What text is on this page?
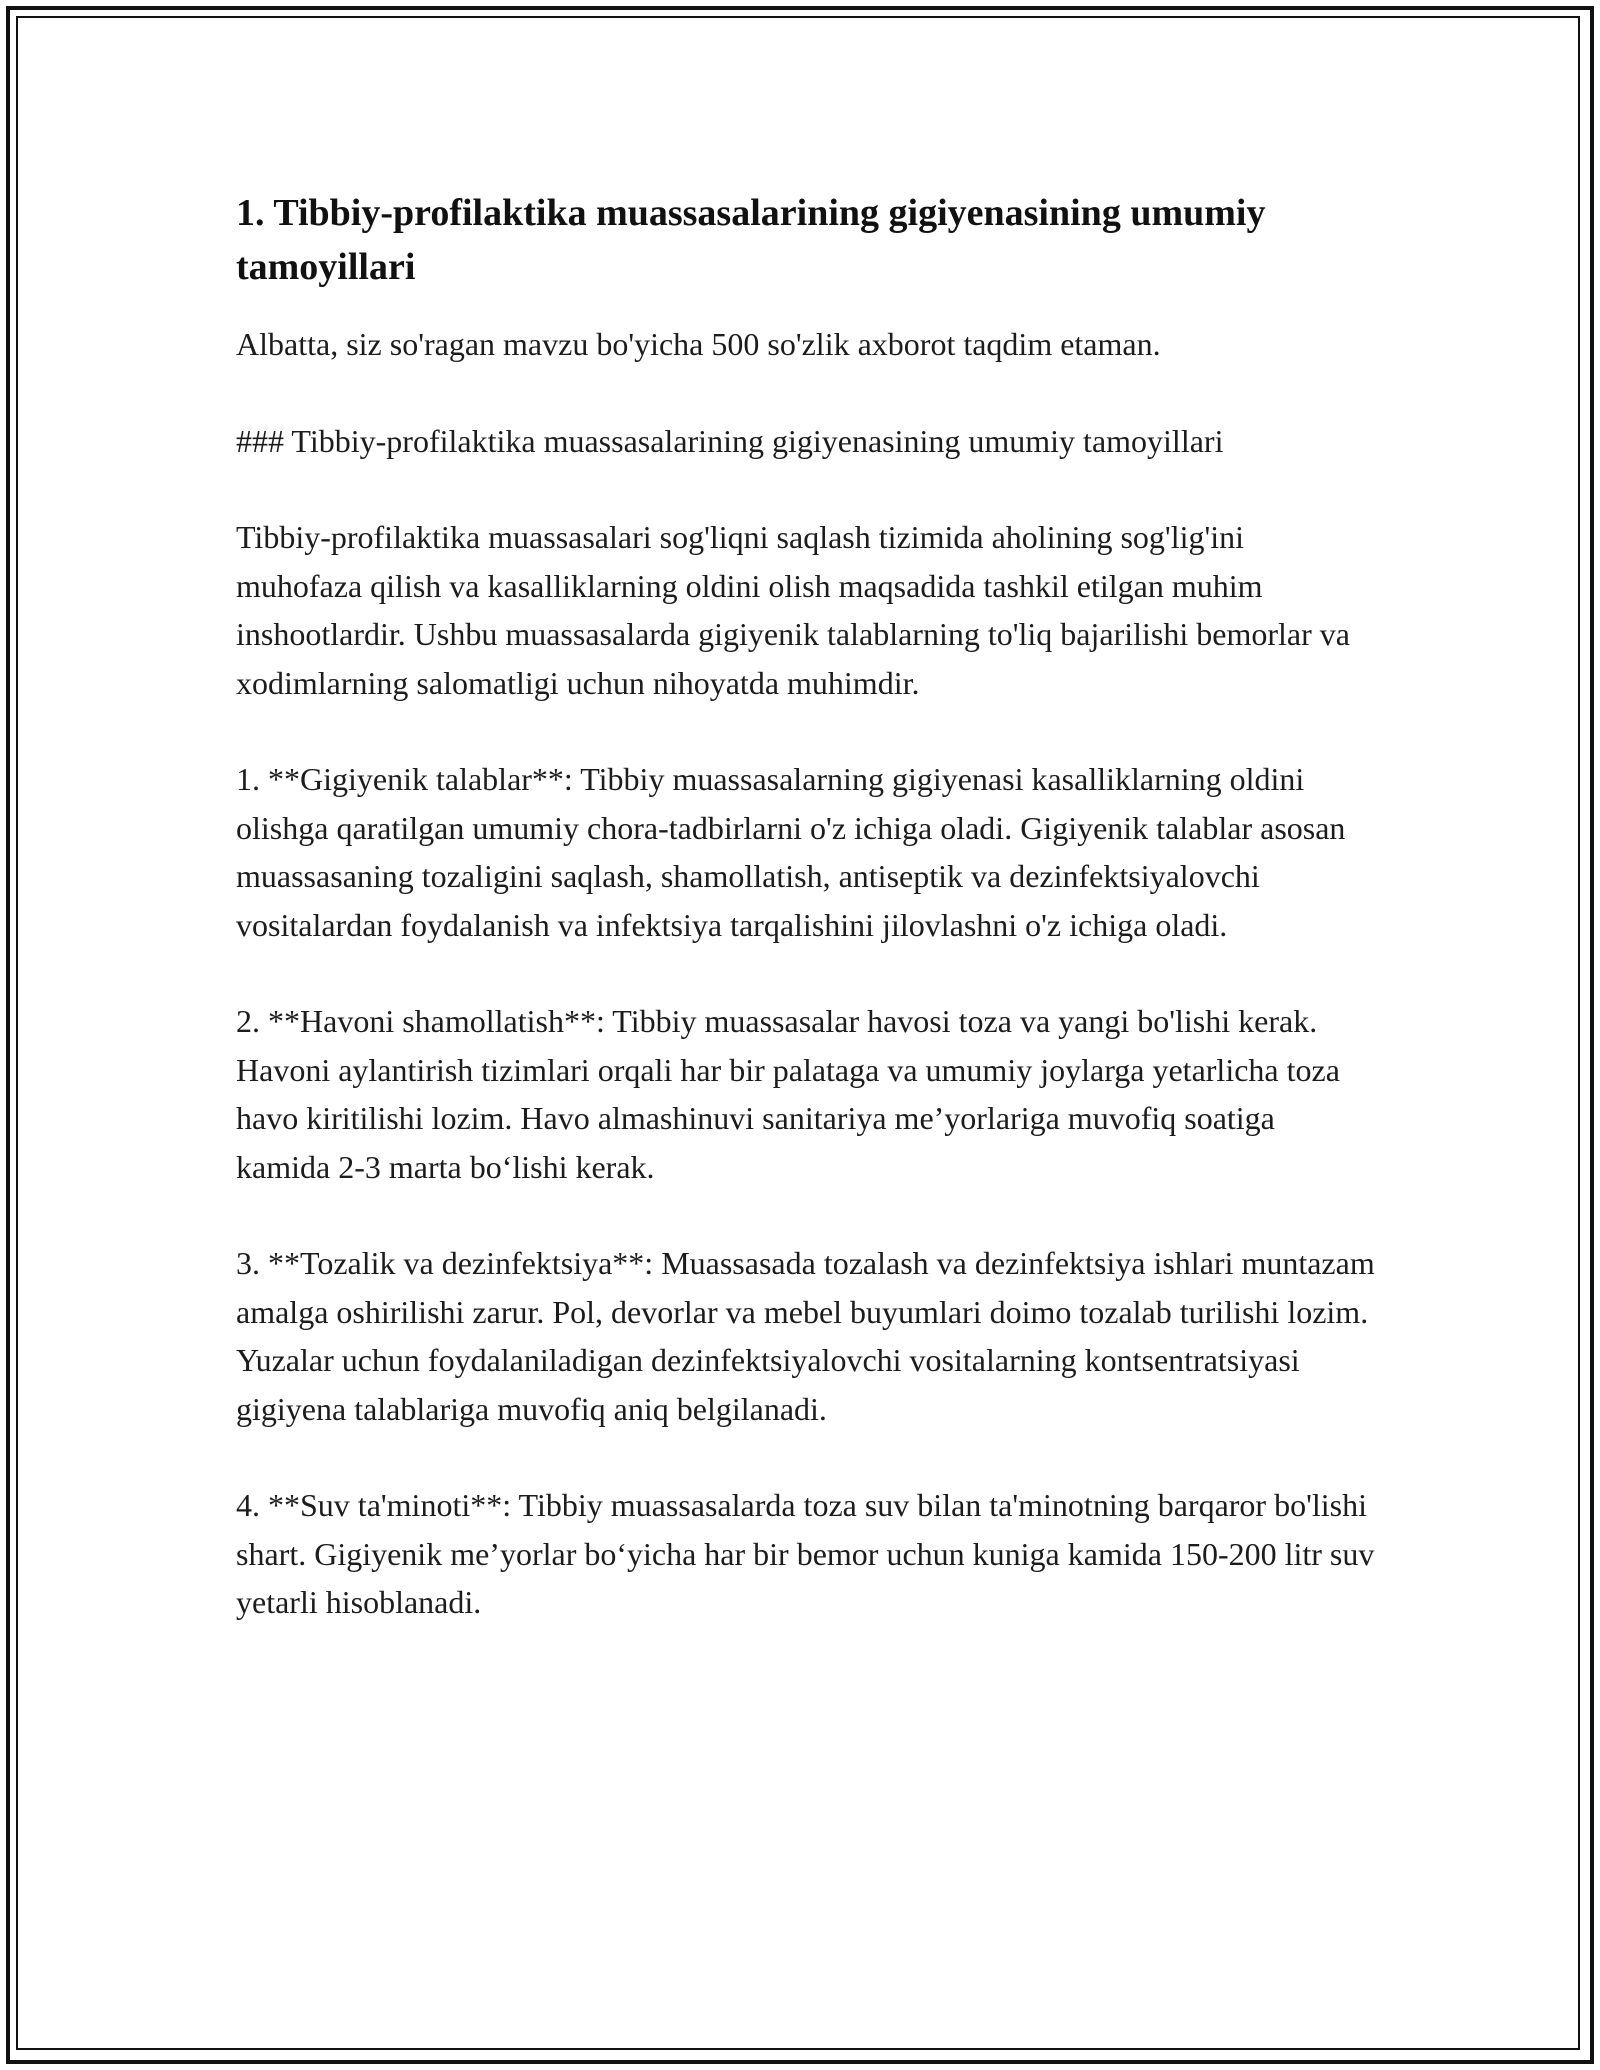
1. Tibbiy-profilaktika muassasalarining gigiyenasining umumiy tamoyillari

Albatta, siz so'ragan mavzu bo'yicha 500 so'zlik axborot taqdim etaman.

### Tibbiy-profilaktika muassasalarining gigiyenasining umumiy tamoyillari

Tibbiy-profilaktika muassasalari sog'liqni saqlash tizimida aholining sog'lig'ini muhofaza qilish va kasalliklarning oldini olish maqsadida tashkil etilgan muhim inshootlardir. Ushbu muassasalarda gigiyenik talablarning to'liq bajarilishi bemorlar va xodimlarning salomatligi uchun nihoyatda muhimdir.

1. **Gigiyenik talablar**: Tibbiy muassasalarning gigiyenasi kasalliklarning oldini olishga qaratilgan umumiy chora-tadbirlarni o'z ichiga oladi. Gigiyenik talablar asosan muassasaning tozaligini saqlash, shamollatish, antiseptik va dezinfektsiyalovchi vositalardan foydalanish va infektsiya tarqalishini jilovlashni o'z ichiga oladi.

2. **Havoni shamollatish**: Tibbiy muassasalar havosi toza va yangi bo'lishi kerak. Havoni aylantirish tizimlari orqali har bir palataga va umumiy joylarga yetarlicha toza havo kiritilishi lozim. Havo almashinuvi sanitariya me’yorlariga muvofiq soatiga kamida 2-3 marta bo‘lishi kerak.

3. **Tozalik va dezinfektsiya**: Muassasada tozalash va dezinfektsiya ishlari muntazam amalga oshirilishi zarur. Pol, devorlar va mebel buyumlari doimo tozalab turilishi lozim. Yuzalar uchun foydalaniladigan dezinfektsiyalovchi vositalarning kontsentratsiyasi gigiyena talablariga muvofiq aniq belgilanadi.

4. **Suv ta'minoti**: Tibbiy muassasalarda toza suv bilan ta'minotning barqaror bo'lishi shart. Gigiyenik me’yorlar bo‘yicha har bir bemor uchun kuniga kamida 150-200 litr suv yetarli hisoblanadi.
